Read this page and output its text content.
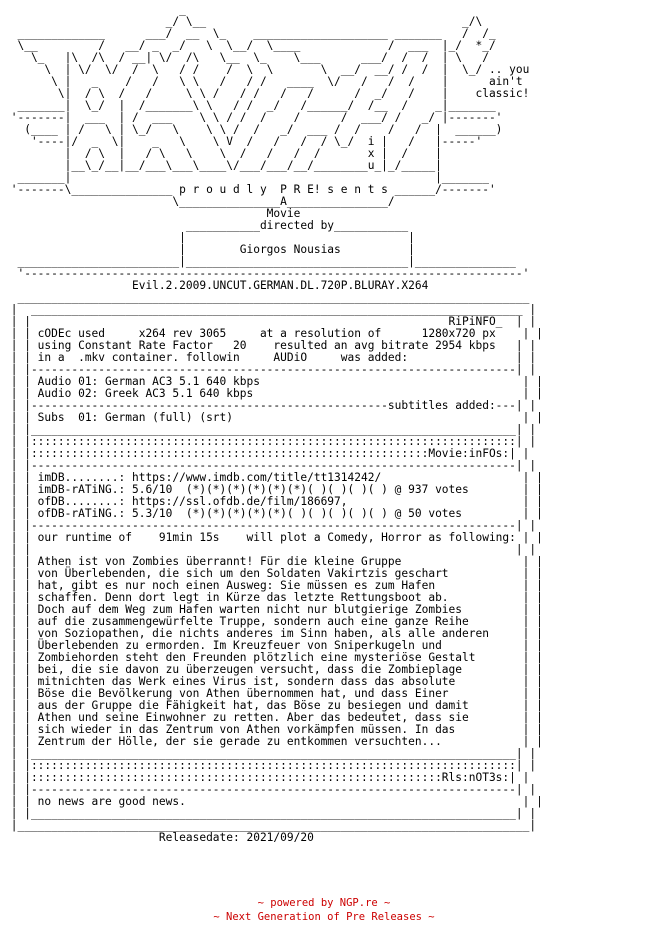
_
_/ \__                                      _/\
_____________      ___/  __  \_    ____________________ _______   /  /_
\__         /   __/ _  _/   \  \__/  \____             /  ___  |_/  *_/
\_   |\  /\  / __| \/  /\   \__  \_    \___      ___/  /  /  | \   /
\  | \/  \/  /  \   / /    /  \  \       \  __/  __/ /  /  |  \_/ .. you
\ |   _    /   /   \ \   /   / /   ____  \/   /   /  /    |      ain't
\|  / \  /   /     \ \ /   / /   /   /      /  _/   /    |    classic!
_______|  \_/  |  /_______\ \   / /  _/   /______/  /__  /    _|_______
'-------|  ___  | /  ___    \ \ / /  /    /      /  ___/ /   _/ |-------'
(____ | /   \ | \_/   \    \ \ /  /   _/  ___ /  /    /   /  |  ______)
'----|/  _  \|    _   \    \ V  /   /   /  / \_/  i |   /   |-----'
|  / \  |   / \   \    \  /   /   /  /       x |  /    |
|__\_/__|__/___\___\____\/___/___/__/________u_|_/_____|
_______|                                                      |_______
'-------\_______________ p r o u d l y  P R E! s e n t s ______/-------'
\_______________A_______________/
Movie
___________directed by___________
|                                 |
|        Giorgos Nousias          |
________________________|_________________________________|_______________
'--------------------------------------------------------------------------'
Evil.2.2009.UNCUT.GERMAN.DL.720P.BLURAY.X264
____________________________________________________________________________
|  _________________________________________________________________________ |
| |                                                              RiPiNFO_  | |
| | cODEc used     x264 rev 3065     at a resolution of      1280x720 px    | |
| | using Constant Rate Factor   20    resulted an avg bitrate 2954 kbps   | |
| | in a  .mkv container. followin     AUDiO     was added:                | |
| |------------------------------------------------------------------------| |
| | Audio 01: German AC3 5.1 640 kbps                                       | |
| | Audio 02: Greek AC3 5.1 640 kbps                                        | |
| |-----------------------------------------------------subtitles added:---| |
| | Subs  01: German (full) (srt)                                           | |
| |________________________________________________________________________| |
| |::::::::::::::::::::::::::::::::::::::::::::::::::::::::::::::::::::::::| |
| |:::::::::::::::::::::::::::::::::::::::::::::::::::::::::::Movie:inFOs:| |
| |------------------------------------------------------------------------| |
| | imDB........: https://www.imdb.com/title/tt1314242/                     | |
| | imDB-rATiNG.: 5.6/10  (*)(*)(*)(*)(*)(*)( )( )( )( ) @ 937 votes        | |
| | ofDB........: https://ssl.ofdb.de/film/186697,                          | |
| | ofDB-rATiNG.: 5.3/10  (*)(*)(*)(*)(*)( )( )( )( )( ) @ 50 votes         | |
| |------------------------------------------------------------------------| |
| | our runtime of    91min 15s    will plot a Comedy, Horror as following: | |
| |                                                                        | |
| | Athen ist von Zombies überrannt! Für die kleine Gruppe                  | |
| | von Überlebenden, die sich um den Soldaten Vakirtzis geschart           | |
| | hat, gibt es nur noch einen Ausweg: Sie müssen es zum Hafen             | |
| | schaffen. Denn dort legt in Kürze das letzte Rettungsboot ab.           | |
| | Doch auf dem Weg zum Hafen warten nicht nur blutgierige Zombies         | |
| | auf die zusammengewürfelte Truppe, sondern auch eine ganze Reihe        | |
| | von Soziopathen, die nichts anderes im Sinn haben, als alle anderen     | |
| | Überlebenden zu ermorden. Im Kreuzfeuer von Sniperkugeln und            | |
| | Zombiehorden steht den Freunden plötzlich eine mysteriöse Gestalt       | |
| | bei, die sie davon zu überzeugen versucht, dass die Zombieplage         | |
| | mitnichten das Werk eines Virus ist, sondern dass das absolute          | |
| | Böse die Bevölkerung von Athen übernommen hat, und dass Einer           | |
| | aus der Gruppe die Fähigkeit hat, das Böse zu besiegen und damit        | |
| | Athen und seine Einwohner zu retten. Aber das bedeutet, dass sie        | |
| | sich wieder in das Zentrum von Athen vorkämpfen müssen. In das          | |
| | Zentrum der Hölle, der sie gerade zu entkommen versuchten...            | |
| |________________________________________________________________________| |
| |::::::::::::::::::::::::::::::::::::::::::::::::::::::::::::::::::::::::| |
| |:::::::::::::::::::::::::::::::::::::::::::::::::::::::::::::Rls:nOT3s:| |
| |------------------------------------------------------------------------| |
| | no news are good news.                                                  | |
| |________________________________________________________________________| |
|____________________________________________________________________________|
Releasedate: 2021/09/20
~ powered by NGP.re ~
~ Next Generation of Pre Releases ~
